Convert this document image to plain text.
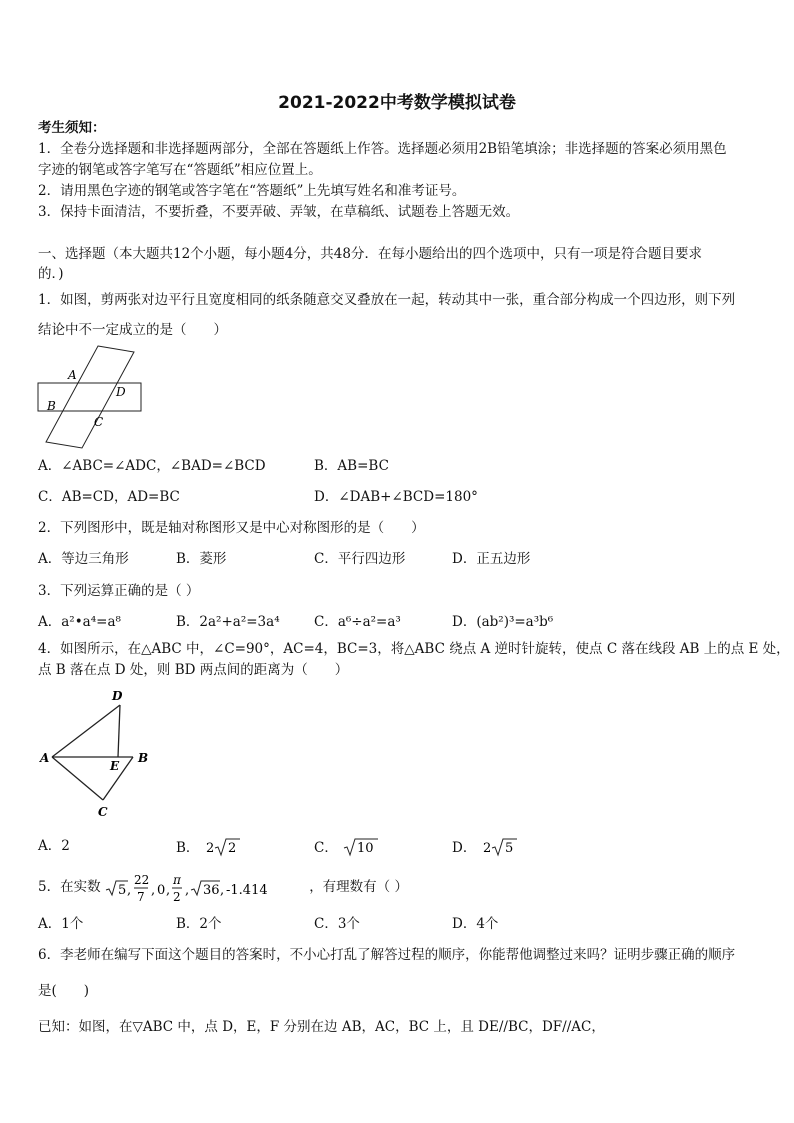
2021-2022中考数学模拟试卷
考生须知：
1．全卷分选择题和非选择题两部分，全部在答题纸上作答。选择题必须用2B铅笔填涂；非选择题的答案必须用黑色
字迹的钢笔或答字笔写在“答题纸”相应位置上。
2．请用黑色字迹的钢笔或答字笔在“答题纸”上先填写姓名和准考证号。
3．保持卡面清洁，不要折叠，不要弄破、弄皱，在草稿纸、试题卷上答题无效。
一、选择题（本大题共12个小题，每小题4分，共48分．在每小题给出的四个选项中，只有一项是符合题目要求
的．)
1．如图，剪两张对边平行且宽度相同的纸条随意交叉叠放在一起，转动其中一张，重合部分构成一个四边形，则下列
结论中不一定成立的是（　　）
A
D
B
C
A．∠ABC=∠ADC，∠BAD=∠BCD	B．AB=BC
C．AB=CD，AD=BC	D．∠DAB+∠BCD=180°
2．下列图形中，既是轴对称图形又是中心对称图形的是（　　）
A．等边三角形	B．菱形	C．平行四边形	D．正五边形
3．下列运算正确的是（ ）
A．a²•a⁴=a⁸	B．2a²+a²=3a⁴	C．a⁶÷a²=a³	D．(ab²)³=a³b⁶
4．如图所示，在△ABC 中，∠C=90°，AC=4，BC=3，将△ABC 绕点 A 逆时针旋转，使点 C 落在线段 AB 上的点 E 处，
点 B 落在点 D 处，则 BD 两点间的距离为（　　）
A
D
E
B
C
A．2	B． 2 2	C． 10	D． 2 5
5．在实数 5 ,
22
7 , 0 ,
π
2 , 36 , -1.414	，有理数有（ ）
A．1个	B．2个	C．3个	D．4个
6．李老师在编写下面这个题目的答案时，不小心打乱了解答过程的顺序，你能帮他调整过来吗？证明步骤正确的顺序
是(　　)
已知：如图，在▽ABC 中，点 D，E，F 分别在边 AB，AC，BC 上，且 DE//BC，DF//AC，
